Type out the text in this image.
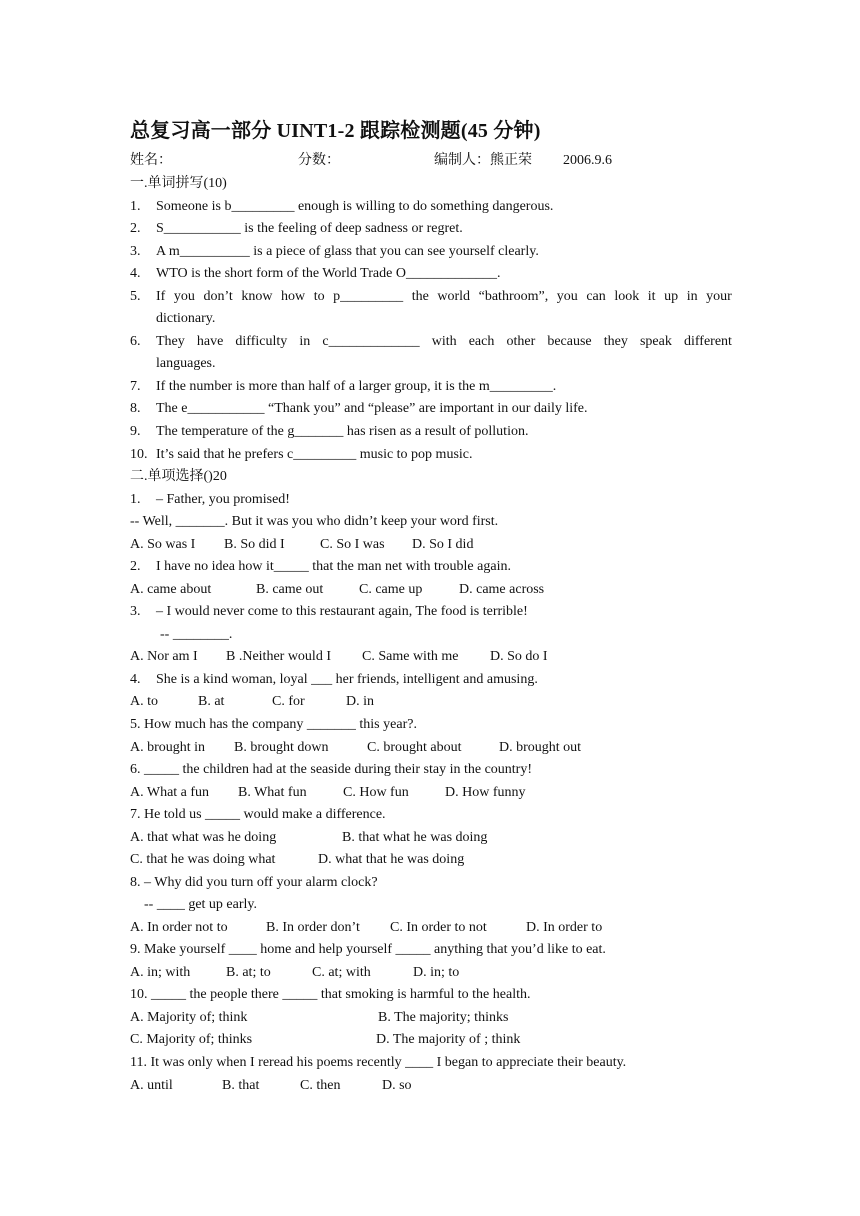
总复习高一部分 UINT1-2 跟踪检测题(45 分钟)
姓名：	分数：	编制人：熊正荣 2006.9.6
一.单词拼写(10)
1. Someone is b_________ enough is willing to do something dangerous.
2. S___________ is the feeling of deep sadness or regret.
3. A m__________ is a piece of glass that you can see yourself clearly.
4. WTO is the short form of the World Trade O_____________.
5. If you don’t know how to p_________ the world “bathroom”, you can look it up in your
dictionary.
6. They have difficulty in c_____________ with each other because they speak different
languages.
7. If the number is more than half of a larger group, it is the m_________.
8. The e___________ “Thank you” and “please” are important in our daily life.
9. The temperature of the g_______ has risen as a result of pollution.
10. It’s said that he prefers c_________ music to pop music.
二.单项选择()20
1. – Father, you promised!
-- Well, _______. But it was you who didn’t keep your word first.
A. So was I B. So did I	C. So I was D. So I did
2. I have no idea how it_____ that the man net with trouble again.
A. came about	B. came out	C. came up	D. came across
3. – I would never come to this restaurant again, The food is terrible!
-- ________.
A. Nor am I B .Neither would I C. Same with me D. So do I
4. She is a kind woman, loyal ___ her friends, intelligent and amusing.
A. to	B. at	C. for	D. in
5. How much has the company _______ this year?.
A. brought in B. brought down	C. brought about	D. brought out
6. _____ the children had at the seaside during their stay in the country!
A. What a fun B. What fun	C. How fun	D. How funny
7. He told us _____ would make a difference.
A. that what was he doing	B. that what he was doing
C. that he was doing what	D. what that he was doing
8. – Why did you turn off your alarm clock?
-- ____ get up early.
A. In order not to	B. In order don’t C. In order to not	D. In order to
9. Make yourself ____ home and help yourself _____ anything that you’d like to eat.
A. in; with	B. at; to	C. at; with	D. in; to
10. _____ the people there _____ that smoking is harmful to the health.
A. Majority of; think	B. The majority; thinks
C. Majority of; thinks	D. The majority of ; think
11. It was only when I reread his poems recently ____ I began to appreciate their beauty.
A. until	B. that	C. then	D. so
